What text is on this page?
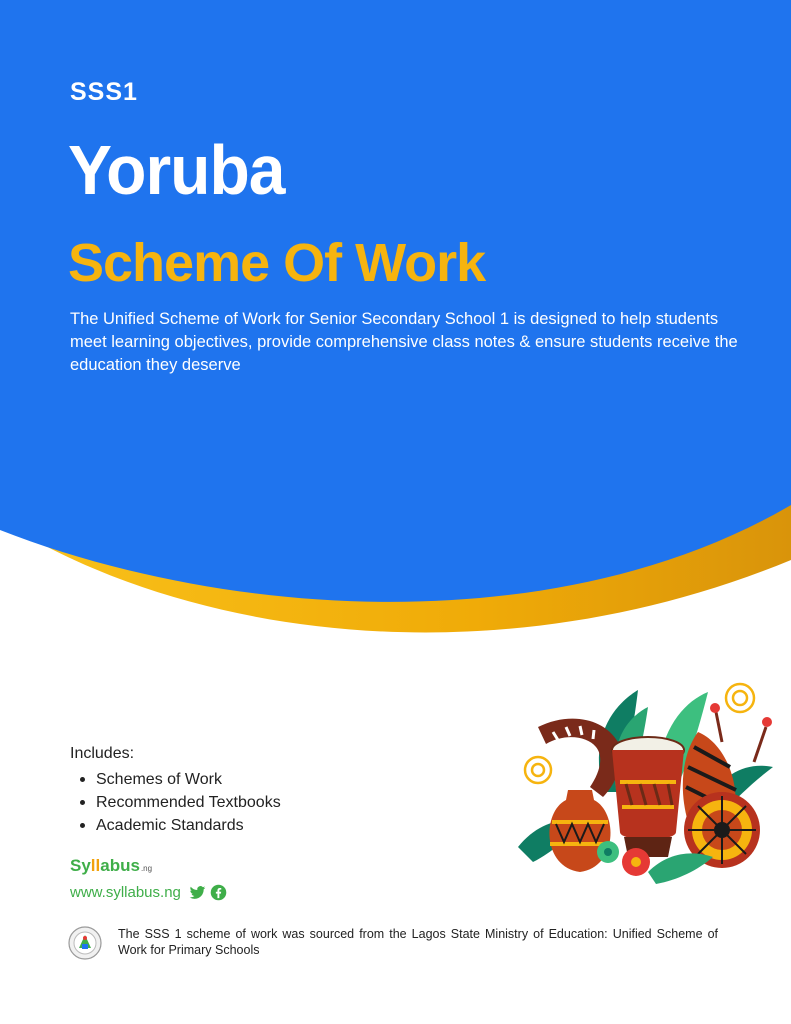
SSS1
Yoruba
Scheme Of Work
The Unified Scheme of Work for Senior Secondary School 1 is designed to help students meet learning objectives, provide comprehensive class notes & ensure students receive the education they deserve
Includes:
Schemes of Work
Recommended Textbooks
Academic Standards
Syllabus.ng
www.syllabus.ng
The SSS 1 scheme of work was sourced from the Lagos State Ministry of Education: Unified Scheme of Work for Primary Schools
